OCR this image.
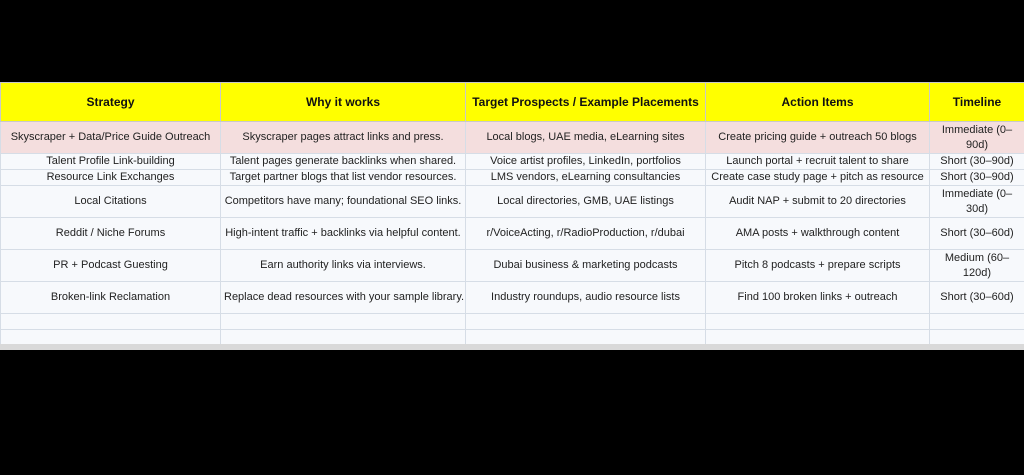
Strategy	Why it works	Target Prospects / Example Placements	Action Items	Timeline
Skyscraper + Data/Price Guide Outreach	Skyscraper pages attract links and press.	Local blogs, UAE media, eLearning sites	Create pricing guide + outreach 50 blogs	Immediate (0–90d)
Talent Profile Link-building	Talent pages generate backlinks when shared.	Voice artist profiles, LinkedIn, portfolios	Launch portal + recruit talent to share	Short (30–90d)
Resource Link Exchanges	Target partner blogs that list vendor resources.	LMS vendors, eLearning consultancies	Create case study page + pitch as resource	Short (30–90d)
Local Citations	Competitors have many; foundational SEO links.	Local directories, GMB, UAE listings	Audit NAP + submit to 20 directories	Immediate (0–30d)
Reddit / Niche Forums	High-intent traffic + backlinks via helpful content.	r/VoiceActing, r/RadioProduction, r/dubai	AMA posts + walkthrough content	Short (30–60d)
PR + Podcast Guesting	Earn authority links via interviews.	Dubai business & marketing podcasts	Pitch 8 podcasts + prepare scripts	Medium (60–120d)
Broken-link Reclamation	Replace dead resources with your sample library.	Industry roundups, audio resource lists	Find 100 broken links + outreach	Short (30–60d)
